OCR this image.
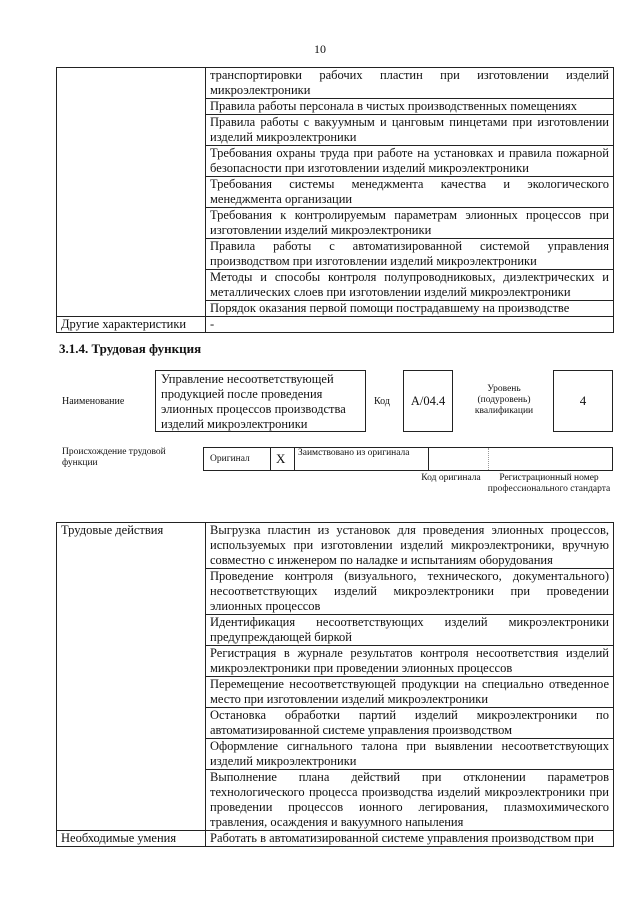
10
	транспортировки рабочих пластин при изготовлении изделий микроэлектроники
	Правила работы персонала в чистых производственных помещениях
	Правила работы с вакуумным и цанговым пинцетами при изготовлении изделий микроэлектроники
	Требования охраны труда при работе на установках и правила пожарной безопасности при изготовлении изделий микроэлектроники
	Требования системы менеджмента качества и экологического менеджмента организации
	Требования к контролируемым параметрам элионных процессов при изготовлении изделий микроэлектроники
	Правила работы с автоматизированной системой управления производством при изготовлении изделий микроэлектроники
	Методы и способы контроля полупроводниковых, диэлектрических и металлических слоев при изготовлении изделий микроэлектроники
	Порядок оказания первой помощи пострадавшему на производстве
Другие характеристики	-
3.1.4. Трудовая функция
Наименование
Управление несоответствующей продукцией после проведения элионных процессов производства изделий микроэлектроники
Код A/04.4
Уровень (подуровень) квалификации
4
Происхождение трудовой функции	Оригинал X Заимствовано из оригинала
Код оригинала	Регистрационный номер профессионального стандарта
Трудовые действия	Выгрузка пластин из установок для проведения элионных процессов, используемых при изготовлении изделий микроэлектроники, вручную совместно с инженером по наладке и испытаниям оборудования
	Проведение контроля (визуального, технического, документального) несоответствующих изделий микроэлектроники при проведении элионных процессов
	Идентификация несоответствующих изделий микроэлектроники предупреждающей биркой
	Регистрация в журнале результатов контроля несоответствия изделий микроэлектроники при проведении элионных процессов
	Перемещение несоответствующей продукции на специально отведенное место при изготовлении изделий микроэлектроники
	Остановка обработки партий изделий микроэлектроники по автоматизированной системе управления производством
	Оформление сигнального талона при выявлении несоответствующих изделий микроэлектроники
	Выполнение плана действий при отклонении параметров технологического процесса производства изделий микроэлектроники при проведении процессов ионного легирования, плазмохимического травления, осаждения и вакуумного напыления
Необходимые умения	Работать в автоматизированной системе управления производством при
